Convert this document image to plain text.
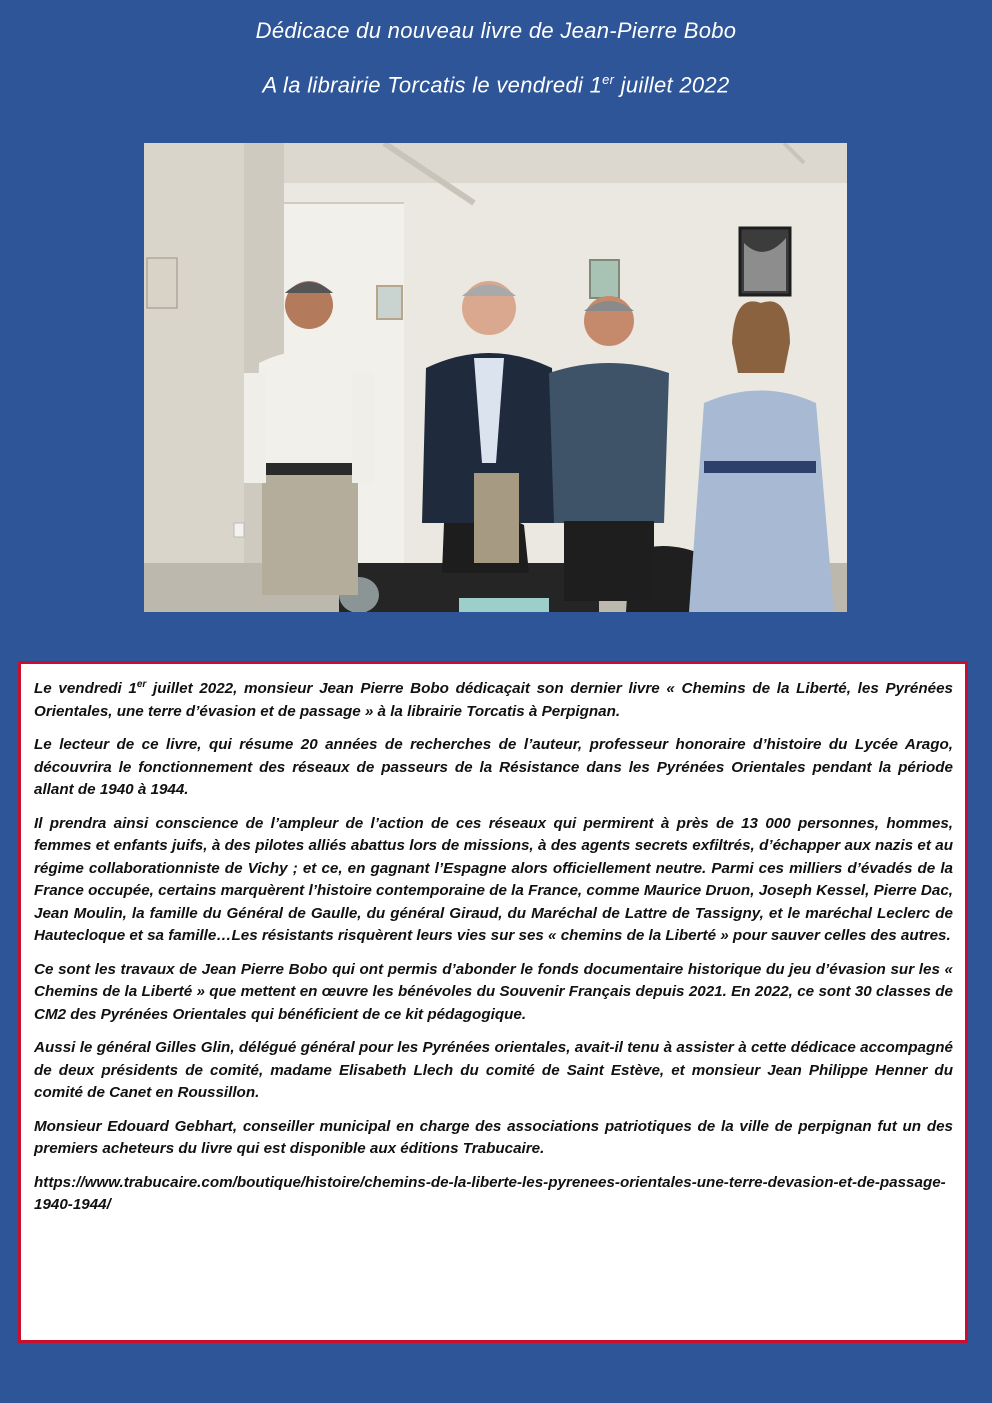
Dédicace du nouveau livre de Jean-Pierre Bobo
A la librairie Torcatis le vendredi 1er juillet 2022

Le vendredi 1er juillet 2022, monsieur Jean Pierre Bobo dédicaçait son dernier livre « Chemins de la Liberté, les Pyrénées Orientales, une terre d’évasion et de passage » à la librairie Torcatis à Perpignan.

Le lecteur de ce livre, qui résume 20 années de recherches de l’auteur, professeur honoraire d’histoire du Lycée Arago, découvrira le fonctionnement des réseaux de passeurs de la Résistance dans les Pyrénées Orientales pendant la période allant de 1940 à 1944.

Il prendra ainsi conscience de l’ampleur de l’action de ces réseaux qui permirent à près de 13 000 personnes, hommes, femmes et enfants juifs, à des pilotes alliés abattus lors de missions, à des agents secrets exfiltrés, d’échapper aux nazis et au régime collaborationniste de Vichy ; et ce, en gagnant l’Espagne alors officiellement neutre. Parmi ces milliers d’évadés de la France occupée, certains marquèrent l’histoire contemporaine de la France, comme Maurice Druon, Joseph Kessel, Pierre Dac, Jean Moulin, la famille du Général de Gaulle, du général Giraud, du Maréchal de Lattre de Tassigny, et le maréchal Leclerc de Hautecloque et sa famille…Les résistants risquèrent leurs vies sur ses « chemins de la Liberté » pour sauver celles des autres.

Ce sont les travaux de Jean Pierre Bobo qui ont permis d’abonder le fonds documentaire historique du jeu d’évasion sur les « Chemins de la Liberté » que mettent en œuvre les bénévoles du Souvenir Français depuis 2021. En 2022, ce sont 30 classes de CM2 des Pyrénées Orientales qui bénéficient de ce kit pédagogique.

Aussi le général Gilles Glin, délégué général pour les Pyrénées orientales, avait-il tenu à assister à cette dédicace accompagné de deux présidents de comité, madame Elisabeth Llech du comité de Saint Estève, et monsieur Jean Philippe Henner du comité de Canet en Roussillon.

Monsieur Edouard Gebhart, conseiller municipal en charge des associations patriotiques de la ville de perpignan fut un des premiers acheteurs du livre qui est disponible aux éditions Trabucaire.

https://www.trabucaire.com/boutique/histoire/chemins-de-la-liberte-les-pyrenees-orientales-une-terre-devasion-et-de-passage-1940-1944/
